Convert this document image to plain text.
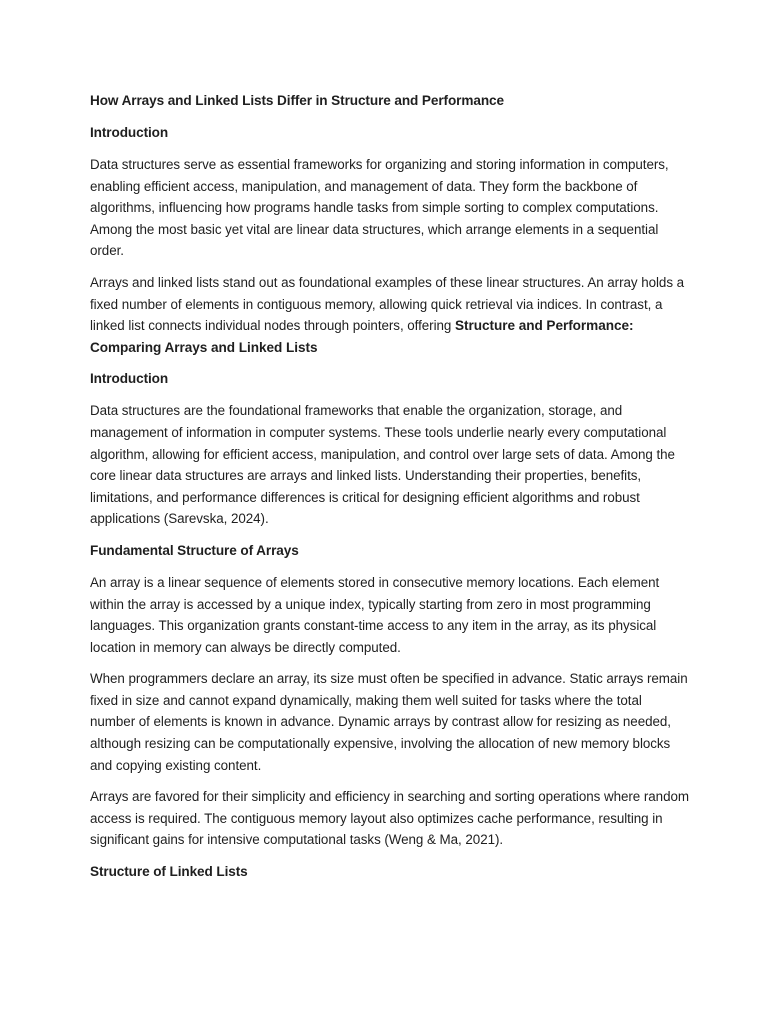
How Arrays and Linked Lists Differ in Structure and Performance
Introduction

Data structures serve as essential frameworks for organizing and storing information in computers, enabling efficient access, manipulation, and management of data. They form the backbone of algorithms, influencing how programs handle tasks from simple sorting to complex computations. Among the most basic yet vital are linear data structures, which arrange elements in a sequential order.

Arrays and linked lists stand out as foundational examples of these linear structures. An array holds a fixed number of elements in contiguous memory, allowing quick retrieval via indices. In contrast, a linked list connects individual nodes through pointers, offering Structure and Performance: Comparing Arrays and Linked Lists

Introduction

Data structures are the foundational frameworks that enable the organization, storage, and management of information in computer systems. These tools underlie nearly every computational algorithm, allowing for efficient access, manipulation, and control over large sets of data. Among the core linear data structures are arrays and linked lists. Understanding their properties, benefits, limitations, and performance differences is critical for designing efficient algorithms and robust applications (Sarevska, 2024).

Fundamental Structure of Arrays

An array is a linear sequence of elements stored in consecutive memory locations. Each element within the array is accessed by a unique index, typically starting from zero in most programming languages. This organization grants constant-time access to any item in the array, as its physical location in memory can always be directly computed.

When programmers declare an array, its size must often be specified in advance. Static arrays remain fixed in size and cannot expand dynamically, making them well suited for tasks where the total number of elements is known in advance. Dynamic arrays by contrast allow for resizing as needed, although resizing can be computationally expensive, involving the allocation of new memory blocks and copying existing content.

Arrays are favored for their simplicity and efficiency in searching and sorting operations where random access is required. The contiguous memory layout also optimizes cache performance, resulting in significant gains for intensive computational tasks (Weng & Ma, 2021).

Structure of Linked Lists
